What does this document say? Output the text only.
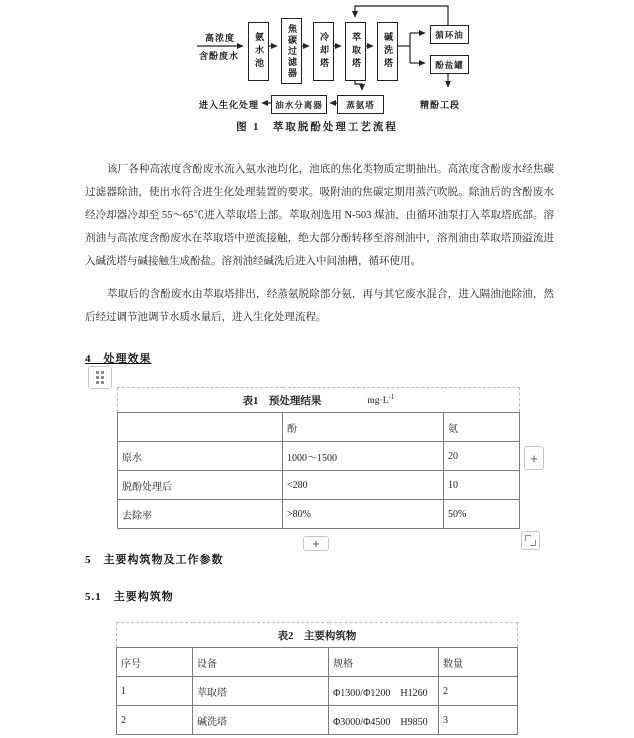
高浓度
含酚废水	氨水池	焦碳过滤器	冷却塔	萃取塔	碱洗塔	循环油
酚盐罐
蒸氨塔
油水分离器
进入生化处理	精酚工段
图 1　萃取脱酚处理工艺流程

该厂各种高浓度含酚废水流入氨水池均化，池底的焦化类物质定期抽出。高浓度含酚废水经焦碳过滤器除油，使出水符合进生化处理装置的要求。吸附油的焦碳定期用蒸汽吹脱。除油后的含酚废水经冷却器冷却至 55～65℃进入萃取塔上部。萃取剂选用 N-503 煤油，由循环油泵打入萃取塔底部。溶剂油与高浓度含酚废水在萃取塔中逆流接触，绝大部分酚转移至溶剂油中，溶剂油由萃取塔顶溢流进入碱洗塔与碱接触生成酚盐。溶剂油经碱洗后进入中间油槽，循环使用。

萃取后的含酚废水由萃取塔排出，经蒸氨脱除部分氨，再与其它废水混合，进入隔油池除油，然后经过调节池调节水质水量后，进入生化处理流程。

4　处理效果
表1　预处理结果 $mg\cdot L^{-1}$

	酚	氨
原水	1000～1500	20
脱酚处理后	<280	10
去除率	>80%	50%
+
+
5　主要构筑物及工作参数
5.1　主要构筑物
表2　主要构筑物			
序号	设备	规格	数量
1	萃取塔	Φ1300/Φ1200　H1260	2
2	碱洗塔	Φ3000/Φ4500　H9850	3
